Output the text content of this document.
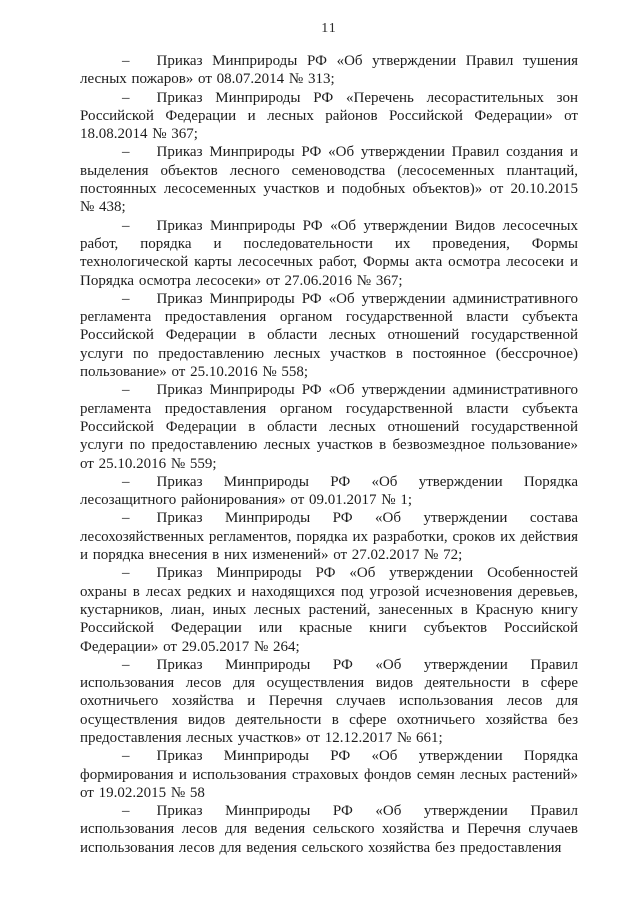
11

– Приказ Минприроды РФ «Об утверждении Правил тушения лесных пожаров» от 08.07.2014 № 313;

– Приказ Минприроды РФ «Перечень лесорастительных зон Российской Федерации и лесных районов Российской Федерации» от 18.08.2014 № 367;

– Приказ Минприроды РФ «Об утверждении Правил создания и выделения объектов лесного семеноводства (лесосеменных плантаций, постоянных лесосеменных участков и подобных объектов)» от 20.10.2015 № 438;

– Приказ Минприроды РФ «Об утверждении Видов лесосечных работ, порядка и последовательности их проведения, Формы технологической карты лесосечных работ, Формы акта осмотра лесосеки и Порядка осмотра лесосеки» от 27.06.2016 № 367;

– Приказ Минприроды РФ «Об утверждении административного регламента предоставления органом государственной власти субъекта Российской Федерации в области лесных отношений государственной услуги по предоставлению лесных участков в постоянное (бессрочное) пользование» от 25.10.2016 № 558;

– Приказ Минприроды РФ «Об утверждении административного регламента предоставления органом государственной власти субъекта Российской Федерации в области лесных отношений государственной услуги по предоставлению лесных участков в безвозмездное пользование» от 25.10.2016 № 559;

– Приказ Минприроды РФ «Об утверждении Порядка лесозащитного районирования» от 09.01.2017 № 1;

– Приказ Минприроды РФ «Об утверждении состава лесохозяйственных регламентов, порядка их разработки, сроков их действия и порядка внесения в них изменений» от 27.02.2017 № 72;

– Приказ Минприроды РФ «Об утверждении Особенностей охраны в лесах редких и находящихся под угрозой исчезновения деревьев, кустарников, лиан, иных лесных растений, занесенных в Красную книгу Российской Федерации или красные книги субъектов Российской Федерации» от 29.05.2017 № 264;

– Приказ Минприроды РФ «Об утверждении Правил использования лесов для осуществления видов деятельности в сфере охотничьего хозяйства и Перечня случаев использования лесов для осуществления видов деятельности в сфере охотничьего хозяйства без предоставления лесных участков» от 12.12.2017 № 661;

– Приказ Минприроды РФ «Об утверждении Порядка формирования и использования страховых фондов семян лесных растений» от 19.02.2015 № 58

– Приказ Минприроды РФ «Об утверждении Правил использования лесов для ведения сельского хозяйства и Перечня случаев использования лесов для ведения сельского хозяйства без предоставления
